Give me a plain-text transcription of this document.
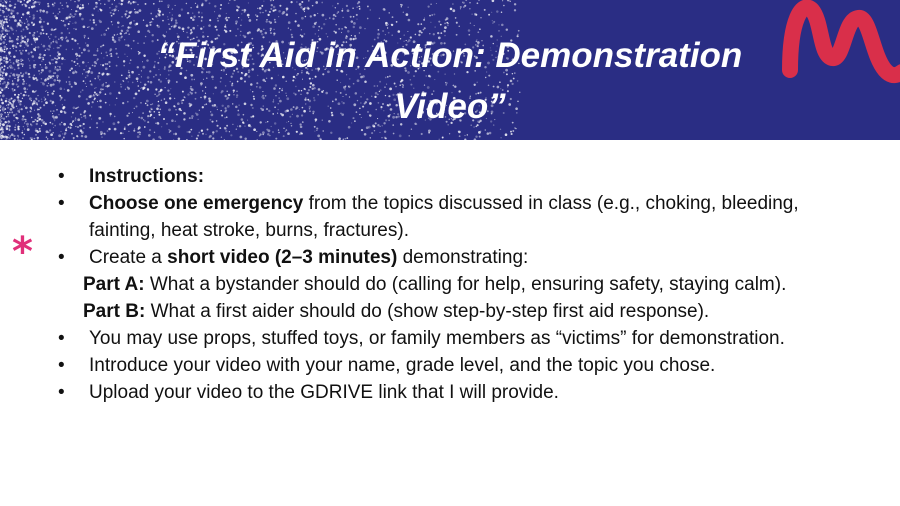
“First Aid in Action: Demonstration Video”
*
• Instructions:
• Choose one emergency from the topics discussed in class (e.g., choking, bleeding, fainting, heat stroke, burns, fractures).
• Create a short video (2–3 minutes) demonstrating:
Part A: What a bystander should do (calling for help, ensuring safety, staying calm).
Part B: What a first aider should do (show step-by-step first aid response).
• You may use props, stuffed toys, or family members as “victims” for demonstration.
• Introduce your video with your name, grade level, and the topic you chose.
• Upload your video to the GDRIVE link that I will provide.
